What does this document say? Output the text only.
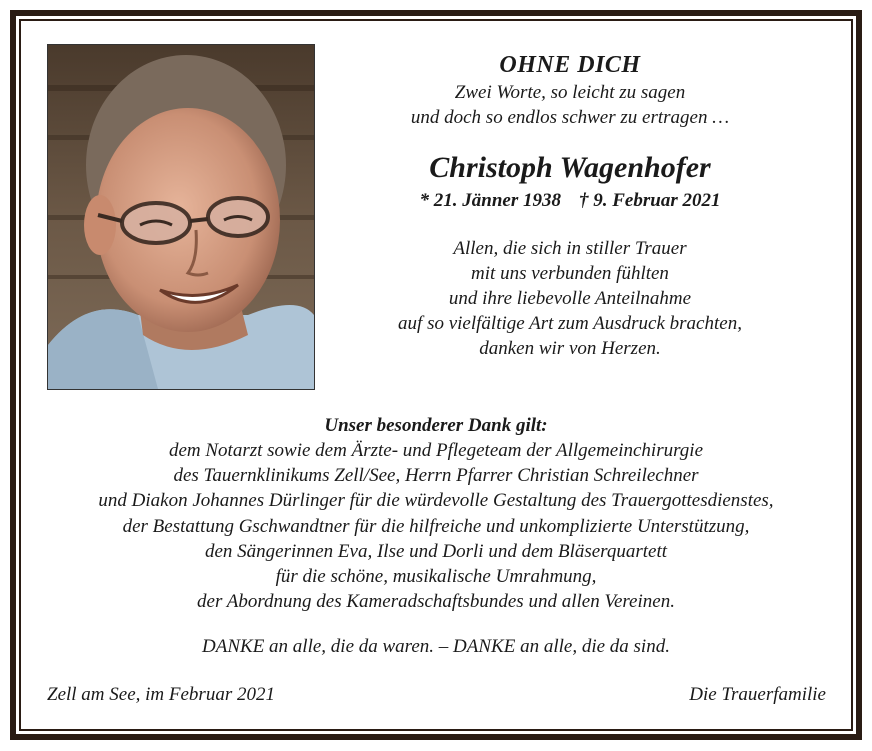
OHNE DICH
Zwei Worte, so leicht zu sagen
und doch so endlos schwer zu ertragen …
Christoph Wagenhofer
* 21. Jänner 1938 † 9. Februar 2021
Allen, die sich in stiller Trauer
mit uns verbunden fühlten
und ihre liebevolle Anteilnahme
auf so vielfältige Art zum Ausdruck brachten,
danken wir von Herzen.
Unser besonderer Dank gilt:
dem Notarzt sowie dem Ärzte- und Pflegeteam der Allgemeinchirurgie
des Tauernklinikums Zell/See, Herrn Pfarrer Christian Schreilechner
und Diakon Johannes Dürlinger für die würdevolle Gestaltung des Trauergottesdienstes,
der Bestattung Gschwandtner für die hilfreiche und unkomplizierte Unterstützung,
den Sängerinnen Eva, Ilse und Dorli und dem Bläserquartett
für die schöne, musikalische Umrahmung,
der Abordnung des Kameradschaftsbundes und allen Vereinen.
DANKE an alle, die da waren. – DANKE an alle, die da sind.
Zell am See, im Februar 2021	Die Trauerfamilie
